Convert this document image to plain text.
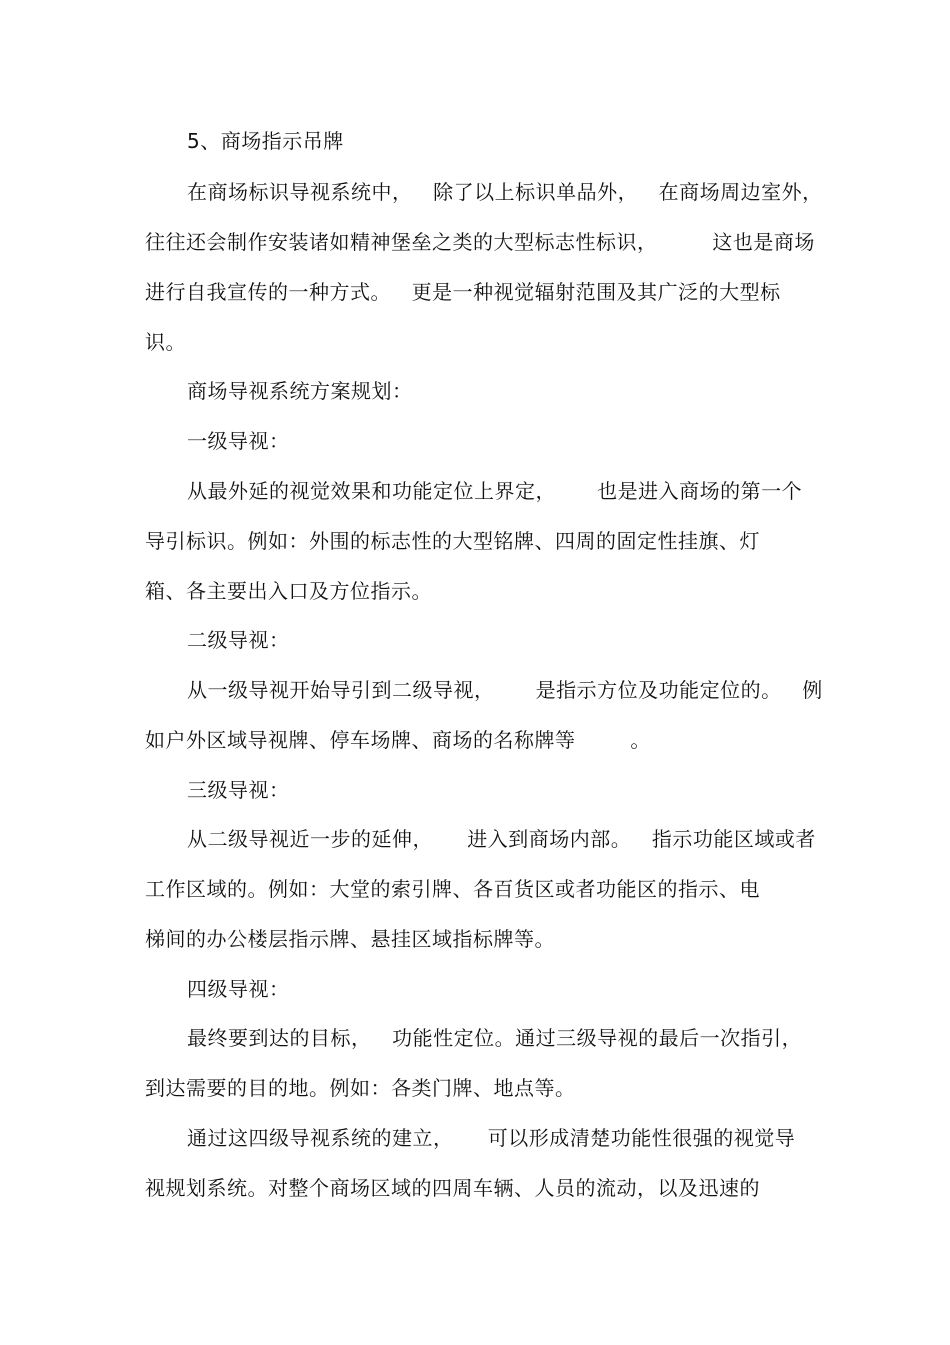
5、商场指示吊牌
在商场标识导视系统中，   除了以上标识单品外，   在商场周边室外，
往往还会制作安装诸如精神堡垒之类的大型标志性标识，        这也是商场
进行自我宣传的一种方式。   更是一种视觉辐射范围及其广泛的大型标
识。
商场导视系统方案规划：
一级导视：
从最外延的视觉效果和功能定位上界定，      也是进入商场的第一个
导引标识。例如：外围的标志性的大型铭牌、四周的固定性挂旗、灯
箱、各主要出入口及方位指示。
二级导视：
从一级导视开始导引到二级导视，      是指示方位及功能定位的。   例
如户外区域导视牌、停车场牌、商场的名称牌等        。
三级导视：
从二级导视近一步的延伸，     进入到商场内部。   指示功能区域或者
工作区域的。例如：大堂的索引牌、各百货区或者功能区的指示、电
梯间的办公楼层指示牌、悬挂区域指标牌等。
四级导视：
最终要到达的目标，   功能性定位。通过三级导视的最后一次指引，
到达需要的目的地。例如：各类门牌、地点等。
通过这四级导视系统的建立，     可以形成清楚功能性很强的视觉导
视规划系统。对整个商场区域的四周车辆、人员的流动，以及迅速的
